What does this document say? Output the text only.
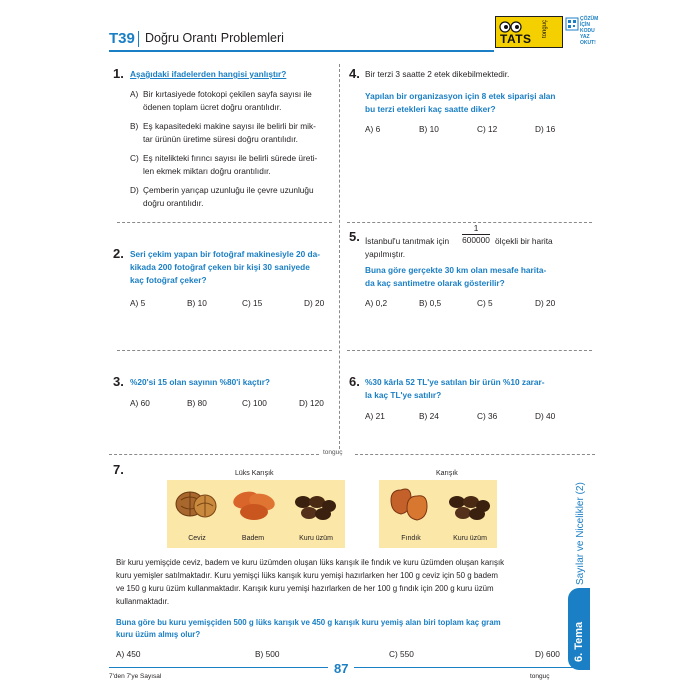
T39 Doğru Orantı Problemleri	TATS
tonguç
ÇÖZÜM
İÇİN
KODU
YAZ
OKUT!
1. Aşağıdaki ifadelerden hangisi yanlıştır?
A) Bir kırtasiyede fotokopi çekilen sayfa sayısı ile
ödenen toplam ücret doğru orantılıdır.
B) Eş kapasitedeki makine sayısı ile belirli bir mik-
tar ürünün üretime süresi doğru orantılıdır.
C) Eş nitelikteki fırıncı sayısı ile belirli sürede üreti-
len ekmek miktarı doğru orantılıdır.
D) Çemberin yarıçap uzunluğu ile çevre uzunluğu
doğru orantılıdır.
2. Seri çekim yapan bir fotoğraf makinesiyle 20 da-
kikada 200 fotoğraf çeken bir kişi 30 saniyede
kaç fotoğraf çeker?
A) 5	B) 10	C) 15	D) 20
3. %20'si 15 olan sayının %80'i kaçtır?
A) 60	B) 80	C) 100	D) 120
4. Bir terzi 3 saatte 2 etek dikebilmektedir.
Yapılan bir organizasyon için 8 etek siparişi alan
bu terzi etekleri kaç saatte diker?
A) 6	B) 10	C) 12	D) 16
5. İstanbul'u tanıtmak için
1
600000 ölçekli bir harita
yapılmıştır.
Buna göre gerçekte 30 km olan mesafe harita-
da kaç santimetre olarak gösterilir?
A) 0,2	B) 0,5	C) 5	D) 20
6. %30 kârla 52 TL'ye satılan bir ürün %10 zarar-
la kaç TL'ye satılır?
A) 21	B) 24	C) 36	D) 40
tonguç
7.	Lüks Karışık
Ceviz	Badem	Kuru üzüm
Karışık
Fındık	Kuru üzüm
Bir kuru yemişçide ceviz, badem ve kuru üzümden oluşan lüks karışık ile fındık ve kuru üzümden oluşan karışık
kuru yemişler satılmaktadır. Kuru yemişçi lüks karışık kuru yemişi hazırlarken her 100 g ceviz için 50 g badem
ve 150 g kuru üzüm kullanmaktadır. Karışık kuru yemişi hazırlarken de her 100 g fındık için 200 g kuru üzüm
kullanmaktadır.
Buna göre bu kuru yemişçiden 500 g lüks karışık ve 450 g karışık kuru yemiş alan biri toplam kaç gram
kuru üzüm almış olur?
A) 450	B) 500	C) 550	D) 600
Sayılar ve Nicelikler (2)
6. Tema
7'den 7'ye Sayısal
87
tonguç
